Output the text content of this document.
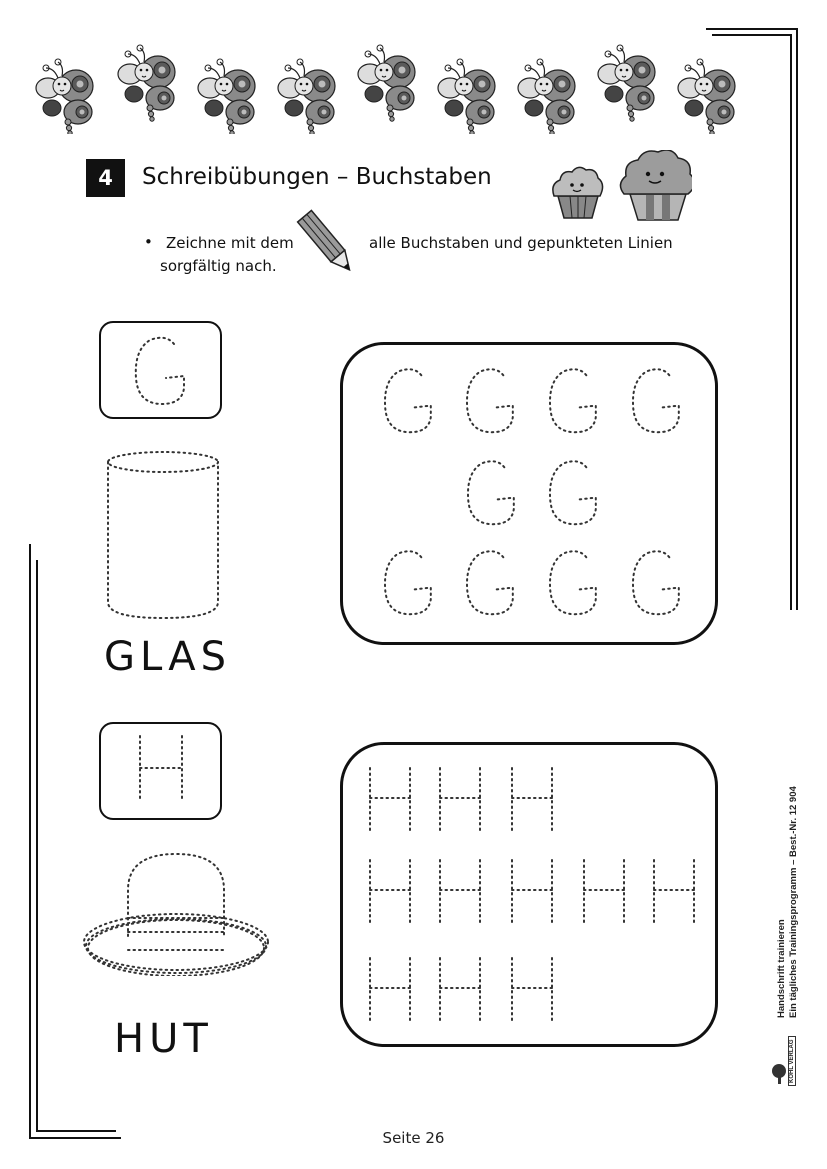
4	Schreibübungen – Buchstaben
• Zeichne mit dem	alle Buchstaben und gepunkteten Linien
sorgfältig nach.
GLAS
HUT
Handschrift trainieren Ein tägliches Trainingsprogramm – Best.-Nr. 12 904
KOHL VERLAG
Seite 26
